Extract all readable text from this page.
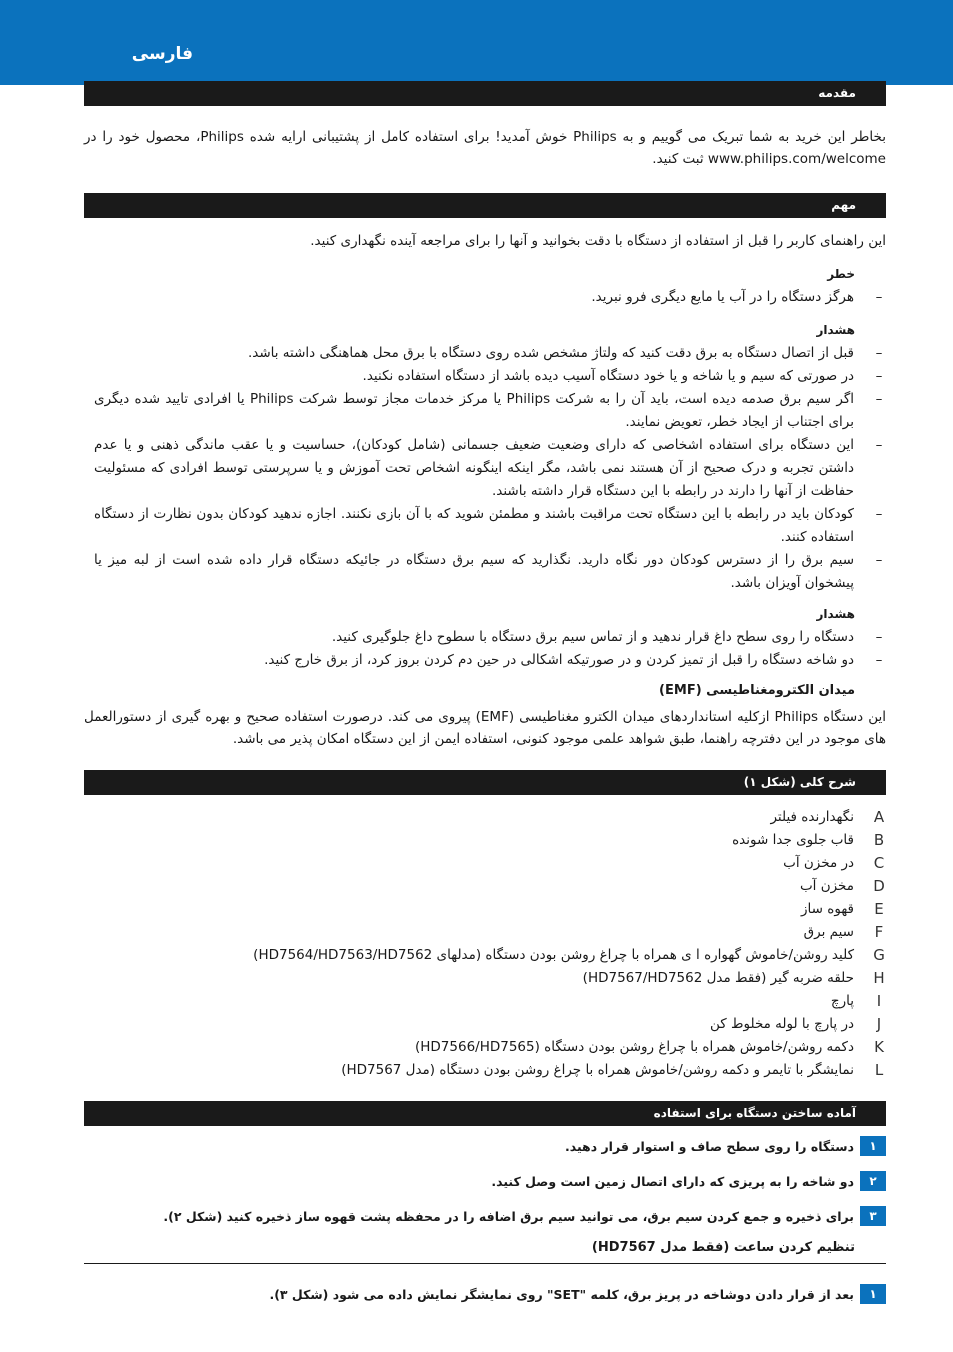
فارسی
مقدمه
بخاطر این خرید به شما تبریک می گوییم و به Philips خوش آمدید! برای استفاده کامل از پشتیبانی ارایه شده Philips، محصول خود را در www.philips.com/welcome ثبت کنید.
مهم
این راهنمای کاربر را قبل از استفاده از دستگاه با دقت بخوانید و آنها را برای مراجعه آینده نگهداری کنید.
خطر
–
هرگز دستگاه را در آب یا مایع دیگری فرو نبرید.
هشدار
–
قبل از اتصال دستگاه به برق دقت کنید که ولتاژ مشخص شده روی دستگاه با برق محل هماهنگی داشته باشد.
–
در صورتی که سیم و یا شاخه و یا خود دستگاه آسیب دیده باشد از دستگاه استفاده نکنید.
–
اگر سیم برق صدمه دیده است، باید آن را به شرکت Philips یا مرکز خدمات مجاز توسط شرکت Philips یا افرادی تایید شده دیگری برای اجتناب از ایجاد خطر، تعویض نمایند.
–
این دستگاه برای استفاده اشخاصی که دارای وضعیت ضعیف جسمانی (شامل کودکان)، حساسیت و یا عقب ماندگی ذهنی و یا عدم داشتن تجربه و درک صحیح از آن هستند نمی باشد، مگر اینکه اینگونه اشخاص تحت آموزش و یا سرپرستی توسط افرادی که مسئولیت حفاظت از آنها را دارند در رابطه با این دستگاه قرار داشته باشند.
–
کودکان باید در رابطه با این دستگاه تحت مراقبت باشند و مطمئن شوید که با آن بازی نکنند. اجازه ندهید کودکان بدون نظارت از دستگاه استفاده کنند.
–
سیم برق را از دسترس کودکان دور نگاه دارید. نگذارید که سیم برق دستگاه در جائیکه دستگاه قرار داده شده است از لبه میز یا پیشخوان آویزان باشد.
هشدار
–
دستگاه را روی سطح داغ قرار ندهید و از تماس سیم برق دستگاه با سطوح داغ جلوگیری کنید.
–
دو شاخه دستگاه را قبل از تمیز کردن و در صورتیکه اشکالی در حین دم کردن بروز کرد، از برق خارج کنید.
میدان الکترومغناطیسی (EMF)
این دستگاه Philips ازکلیه استانداردهای میدان الکترو مغناطیسی (EMF) پیروی می کند. درصورت استفاده صحیح و بهره گیری از دستورالعمل های موجود در این دفترچه راهنما، طبق شواهد علمی موجود کنونی، استفاده ایمن از این دستگاه امکان پذیر می باشد.
شرح کلی (شکل ۱)
A
نگهدارنده فیلتر
B
قاب جلوی جدا شونده
C
در مخزن آب
D
مخزن آب
E
قهوه ساز
F
سیم برق
G
کلید روشن/خاموش گهواره ا ی همراه با چراغ روشن بودن دستگاه (مدلهای HD7564/HD7563/HD7562)
H
حلقه ضربه گیر (فقط مدل HD7567/HD7562)
I
پارچ
J
در پارچ با لوله مخلوط کن
K
دکمه روشن/خاموش همراه با چراغ روشن بودن دستگاه (HD7566/HD7565)
L
نمایشگر با تایمر و دکمه روشن/خاموش همراه با چراغ روشن بودن دستگاه (مدل HD7567)
آماده ساختن دستگاه برای استفاده
۱
دستگاه را روی سطح صاف و استوار قرار دهید.
۲
دو شاخه را به پریزی که دارای اتصال زمین است وصل کنید.
۳
برای ذخیره و جمع کردن سیم برق، می توانید سیم برق اضافه را در محفظه پشت قهوه ساز ذخیره کنید (شکل ۲).
تنظیم کردن ساعت (فقط مدل HD7567)
۱
بعد از قرار دادن دوشاخه در پریز برق، کلمه "SET" روی نمایشگر نمایش داده می شود (شکل ۳).
